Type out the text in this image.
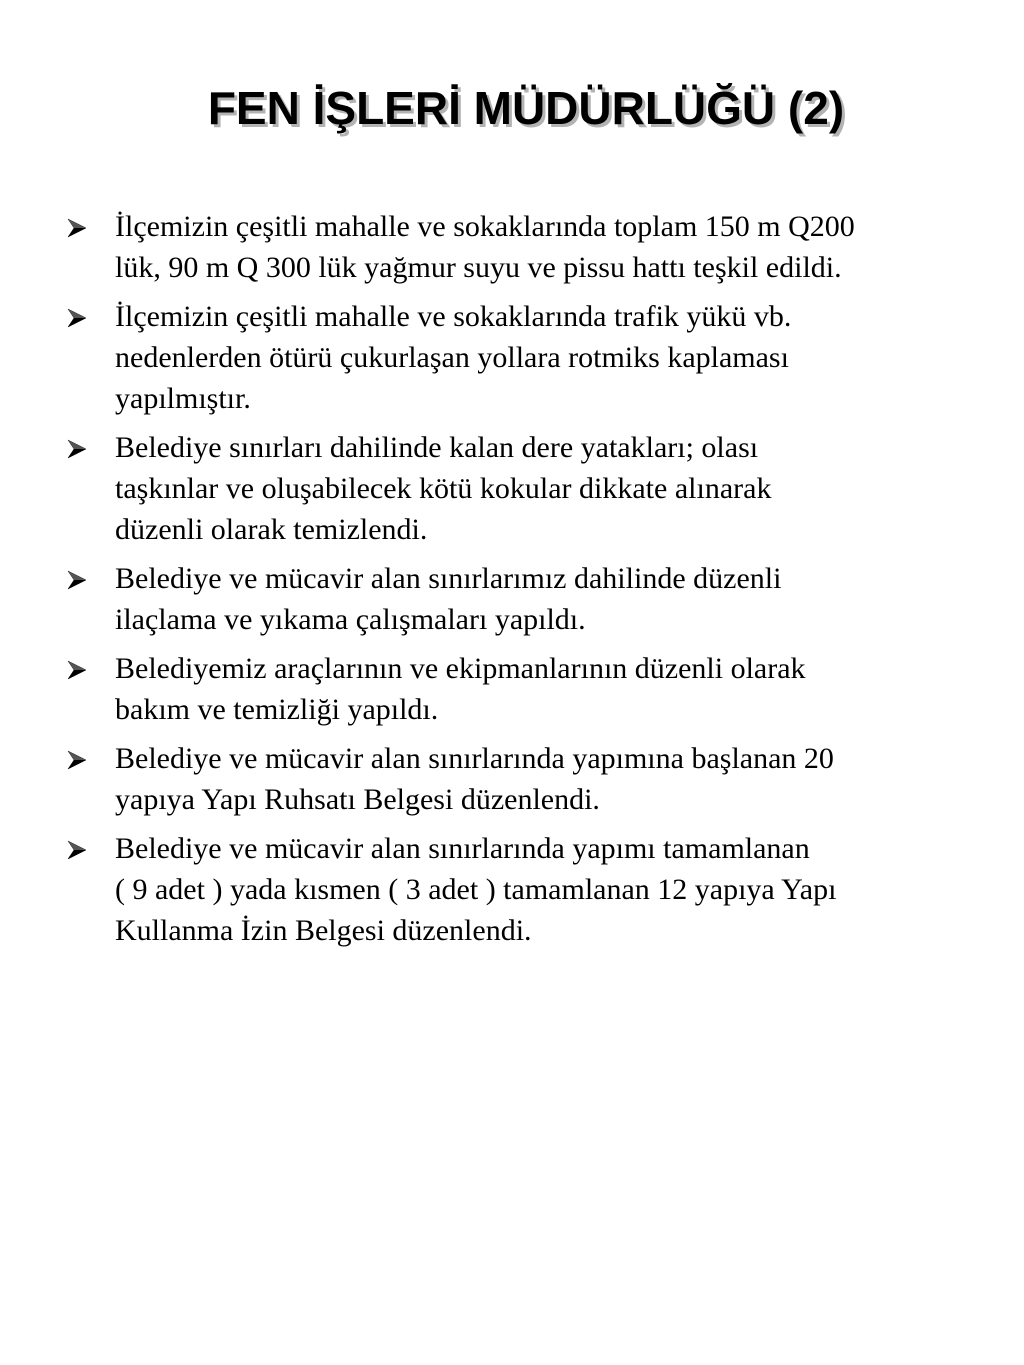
FEN İŞLERİ MÜDÜRLÜĞÜ (2)
İlçemizin çeşitli mahalle ve sokaklarında toplam 150 m Q200
lük, 90 m Q 300 lük yağmur suyu ve pissu hattı teşkil edildi.
İlçemizin çeşitli mahalle ve sokaklarında trafik yükü vb.
nedenlerden ötürü çukurlaşan yollara rotmiks kaplaması
yapılmıştır.
Belediye sınırları dahilinde kalan dere yatakları; olası
taşkınlar ve oluşabilecek kötü kokular dikkate alınarak
düzenli olarak temizlendi.
Belediye ve mücavir alan sınırlarımız dahilinde düzenli
ilaçlama ve yıkama çalışmaları yapıldı.
Belediyemiz araçlarının ve ekipmanlarının düzenli olarak
bakım ve temizliği yapıldı.
Belediye ve mücavir alan sınırlarında yapımına başlanan 20
yapıya Yapı Ruhsatı Belgesi düzenlendi.
Belediye ve mücavir alan sınırlarında yapımı tamamlanan
( 9 adet ) yada kısmen ( 3 adet ) tamamlanan 12 yapıya Yapı
Kullanma İzin Belgesi düzenlendi.
